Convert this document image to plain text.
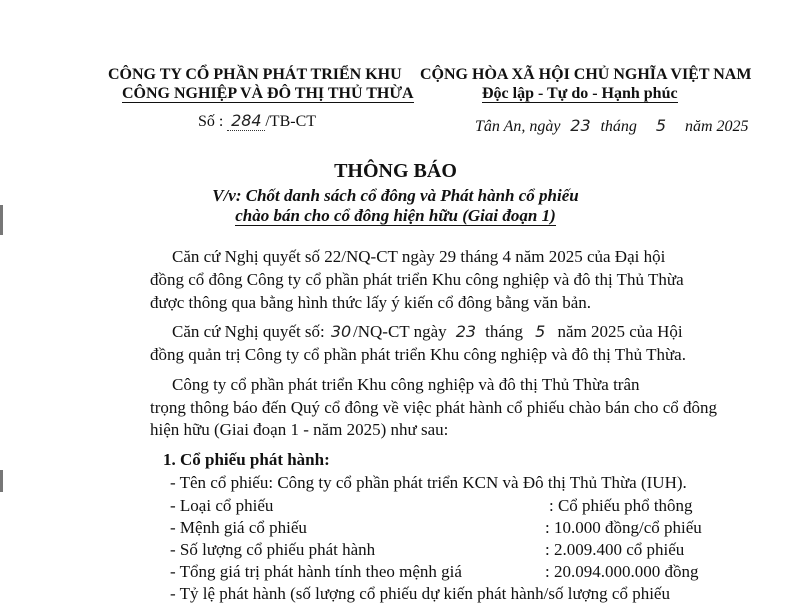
CÔNG TY CỔ PHẦN PHÁT TRIỂN KHU
CÔNG NGHIỆP VÀ ĐÔ THỊ THỦ THỪA
Số : 284 /TB-CT
CỘNG HÒA XÃ HỘI CHỦ NGHĨA VIỆT NAM
Độc lập - Tự do - Hạnh phúc
Tân An, ngày 23 tháng 5 năm 2025
THÔNG BÁO
V/v: Chốt danh sách cổ đông và Phát hành cổ phiếu
chào bán cho cổ đông hiện hữu (Giai đoạn 1)
Căn cứ Nghị quyết số 22/NQ-CT ngày 29 tháng 4 năm 2025 của Đại hội
đồng cổ đông Công ty cổ phần phát triển Khu công nghiệp và đô thị Thủ Thừa
được thông qua bằng hình thức lấy ý kiến cổ đông bằng văn bản.
Căn cứ Nghị quyết số: 30 /NQ-CT ngày 23 tháng 5 năm 2025 của Hội
đồng quản trị Công ty cổ phần phát triển Khu công nghiệp và đô thị Thủ Thừa.
Công ty cổ phần phát triển Khu công nghiệp và đô thị Thủ Thừa trân
trọng thông báo đến Quý cổ đông về việc phát hành cổ phiếu chào bán cho cổ đông
hiện hữu (Giai đoạn 1 - năm 2025) như sau:
1. Cổ phiếu phát hành:
- Tên cổ phiếu: Công ty cổ phần phát triển KCN và Đô thị Thủ Thừa (IUH).
- Loại cổ phiếu	: Cổ phiếu phổ thông
- Mệnh giá cổ phiếu	: 10.000 đồng/cổ phiếu
- Số lượng cổ phiếu phát hành	: 2.009.400 cổ phiếu
- Tổng giá trị phát hành tính theo mệnh giá	: 20.094.000.000 đồng
- Tỷ lệ phát hành (số lượng cổ phiếu dự kiến phát hành/số lượng cổ phiếu
